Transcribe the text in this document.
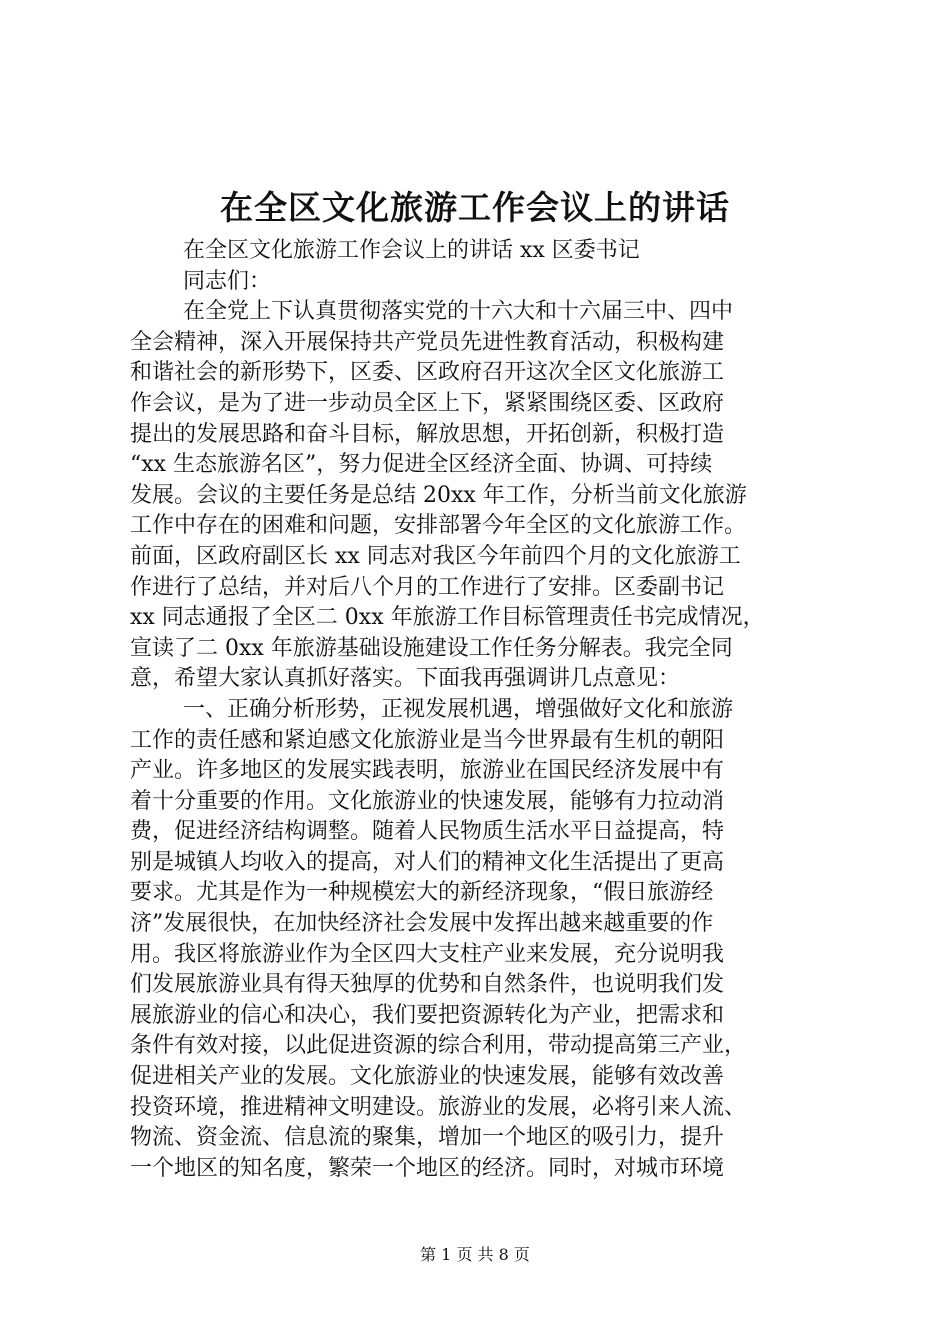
在全区文化旅游工作会议上的讲话
在全区文化旅游工作会议上的讲话 xx 区委书记
同志们：
在全党上下认真贯彻落实党的十六大和十六届三中、四中
全会精神，深入开展保持共产党员先进性教育活动，积极构建
和谐社会的新形势下，区委、区政府召开这次全区文化旅游工
作会议，是为了进一步动员全区上下，紧紧围绕区委、区政府
提出的发展思路和奋斗目标，解放思想，开拓创新，积极打造
“xx 生态旅游名区”，努力促进全区经济全面、协调、可持续
发展。会议的主要任务是总结 20xx 年工作，分析当前文化旅游
工作中存在的困难和问题，安排部署今年全区的文化旅游工作。
前面，区政府副区长 xx 同志对我区今年前四个月的文化旅游工
作进行了总结，并对后八个月的工作进行了安排。区委副书记
xx 同志通报了全区二 0xx 年旅游工作目标管理责任书完成情况，
宣读了二 0xx 年旅游基础设施建设工作任务分解表。我完全同
意，希望大家认真抓好落实。下面我再强调讲几点意见：
一、正确分析形势，正视发展机遇，增强做好文化和旅游
工作的责任感和紧迫感文化旅游业是当今世界最有生机的朝阳
产业。许多地区的发展实践表明，旅游业在国民经济发展中有
着十分重要的作用。文化旅游业的快速发展，能够有力拉动消
费，促进经济结构调整。随着人民物质生活水平日益提高，特
别是城镇人均收入的提高，对人们的精神文化生活提出了更高
要求。尤其是作为一种规模宏大的新经济现象，“假日旅游经
济”发展很快，在加快经济社会发展中发挥出越来越重要的作
用。我区将旅游业作为全区四大支柱产业来发展，充分说明我
们发展旅游业具有得天独厚的优势和自然条件，也说明我们发
展旅游业的信心和决心，我们要把资源转化为产业，把需求和
条件有效对接，以此促进资源的综合利用，带动提高第三产业，
促进相关产业的发展。文化旅游业的快速发展，能够有效改善
投资环境，推进精神文明建设。旅游业的发展，必将引来人流、
物流、资金流、信息流的聚集，增加一个地区的吸引力，提升
一个地区的知名度，繁荣一个地区的经济。同时，对城市环境
第 1 页 共 8 页
